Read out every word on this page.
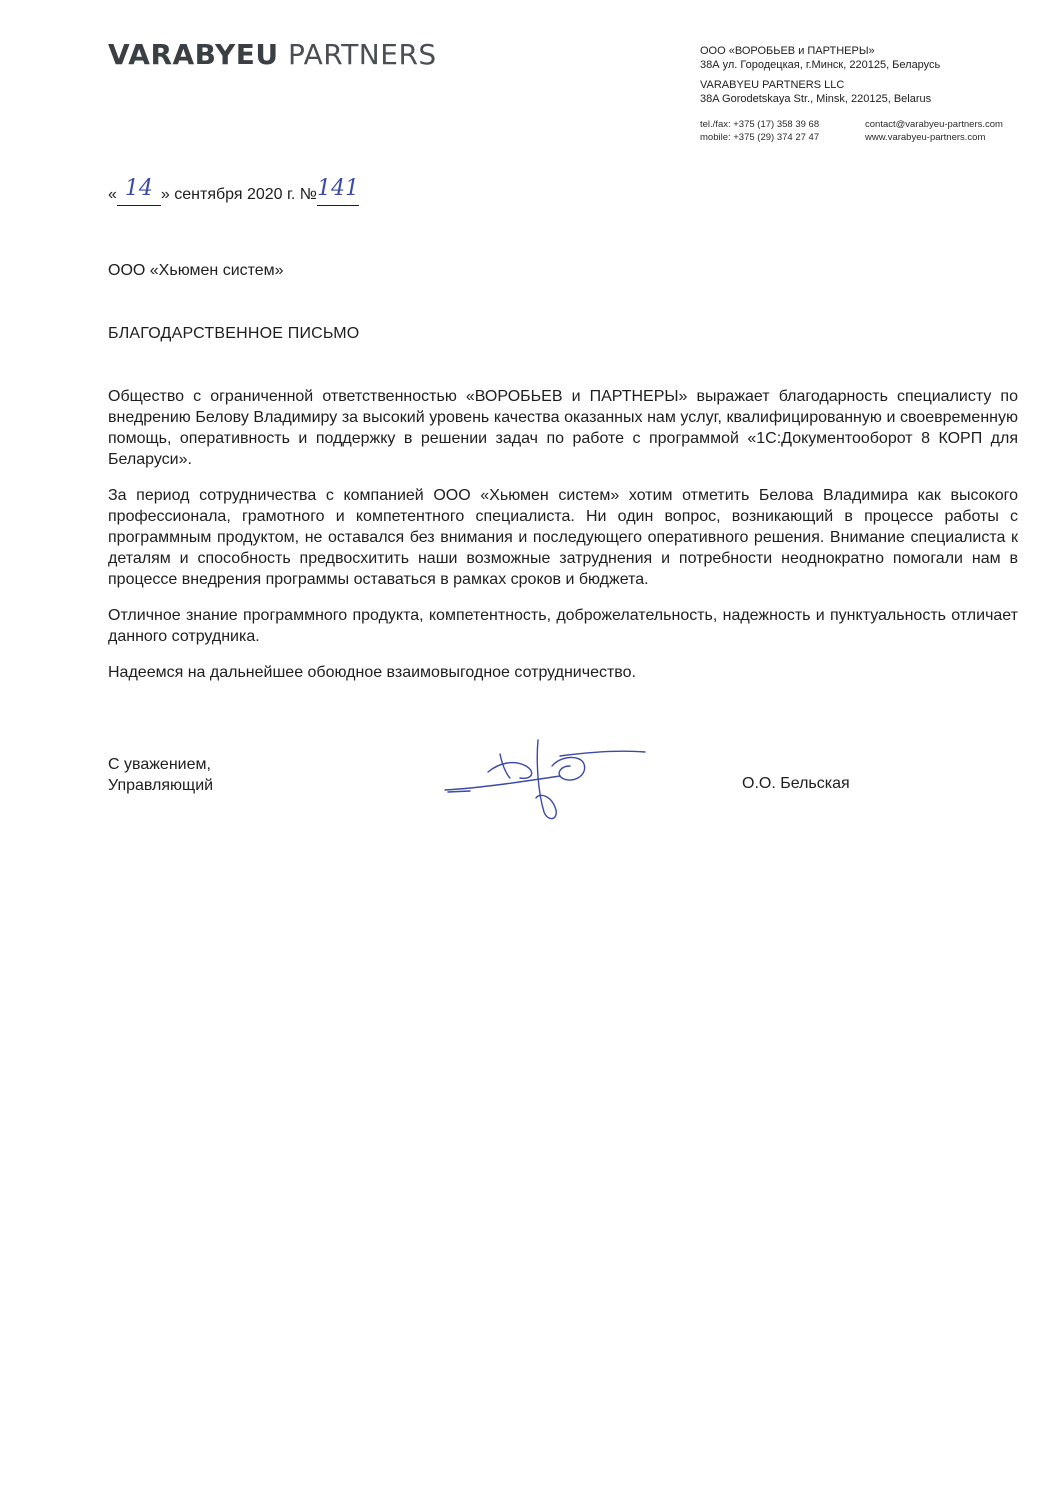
VARABYEU PARTNERS	ООО «ВОРОБЬЕВ и ПАРТНЕРЫ»
38А ул. Городецкая, г.Минск, 220125, Беларусь
VARABYEU PARTNERS LLC
38A Gorodetskaya Str., Minsk, 220125, Belarus
tel./fax: +375 (17) 358 39 68	contact@varabyeu-partners.com
mobile: +375 (29) 374 27 47	www.varabyeu-partners.com
« 14 » сентября 2020 г. №141
ООО «Хьюмен систем»
БЛАГОДАРСТВЕННОЕ ПИСЬМО

Общество с ограниченной ответственностью «ВОРОБЬЕВ и ПАРТНЕРЫ» выражает благодарность специалисту по внедрению Белову Владимиру за высокий уровень качества оказанных нам услуг, квалифицированную и своевременную помощь, оперативность и поддержку в решении задач по работе с программой «1С:Документооборот 8 КОРП для Беларуси».

За период сотрудничества с компанией ООО «Хьюмен систем» хотим отметить Белова Владимира как высокого профессионала, грамотного и компетентного специалиста. Ни один вопрос, возникающий в процессе работы с программным продуктом, не оставался без внимания и последующего оперативного решения. Внимание специалиста к деталям и способность предвосхитить наши возможные затруднения и потребности неоднократно помогали нам в процессе внедрения программы оставаться в рамках сроков и бюджета.

Отличное знание программного продукта, компетентность, доброжелательность, надежность и пунктуальность отличает данного сотрудника.

Надеемся на дальнейшее обоюдное взаимовыгодное сотрудничество.

С уважением,
Управляющий	О.О. Бельская
